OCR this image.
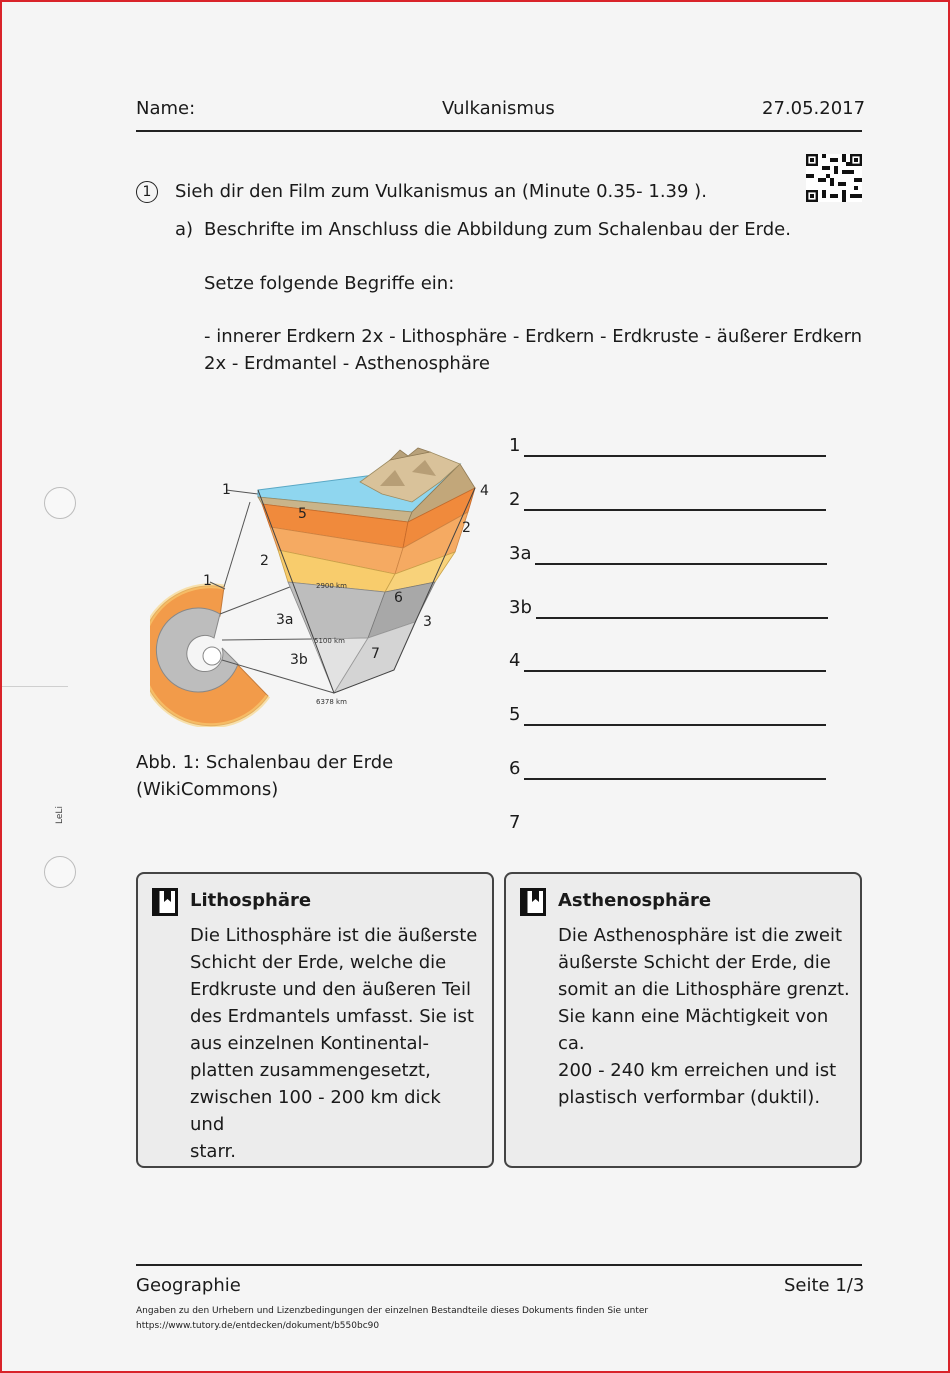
Name:	Vulkanismus	27.05.2017
1	Sieh dir den Film zum Vulkanismus an (Minute 0.35- 1.39 ).
a) Beschrifte im Anschluss die Abbildung zum Schalenbau der Erde.
Setze folgende Begriffe ein:
- innerer Erdkern 2x - Lithosphäre - Erdkern - Erdkruste - äußerer Erdkern
2x - Erdmantel - Asthenosphäre
LeLi
1
1
2
2
3
3a
3b
4
5
6
7
2900 km
5100 km
6378 km
Abb. 1: Schalenbau der Erde
(WikiCommons)
1
2
3a
3b
4
5
6
7
Lithosphäre
Die Lithosphäre ist die äußerste
Schicht der Erde, welche die
Erdkruste und den äußeren Teil
des Erdmantels umfasst. Sie ist
aus einzelnen Kontinental-
platten zusammengesetzt,
zwischen 100 - 200 km dick und
starr.
Asthenosphäre
Die Asthenosphäre ist die zweit
äußerste Schicht der Erde, die
somit an die Lithosphäre grenzt.
Sie kann eine Mächtigkeit von ca.
200 - 240 km erreichen und ist
plastisch verformbar (duktil).
Geographie	Seite 1/3
Angaben zu den Urhebern und Lizenzbedingungen der einzelnen Bestandteile dieses Dokuments finden Sie unter
https://www.tutory.de/entdecken/dokument/b550bc90
